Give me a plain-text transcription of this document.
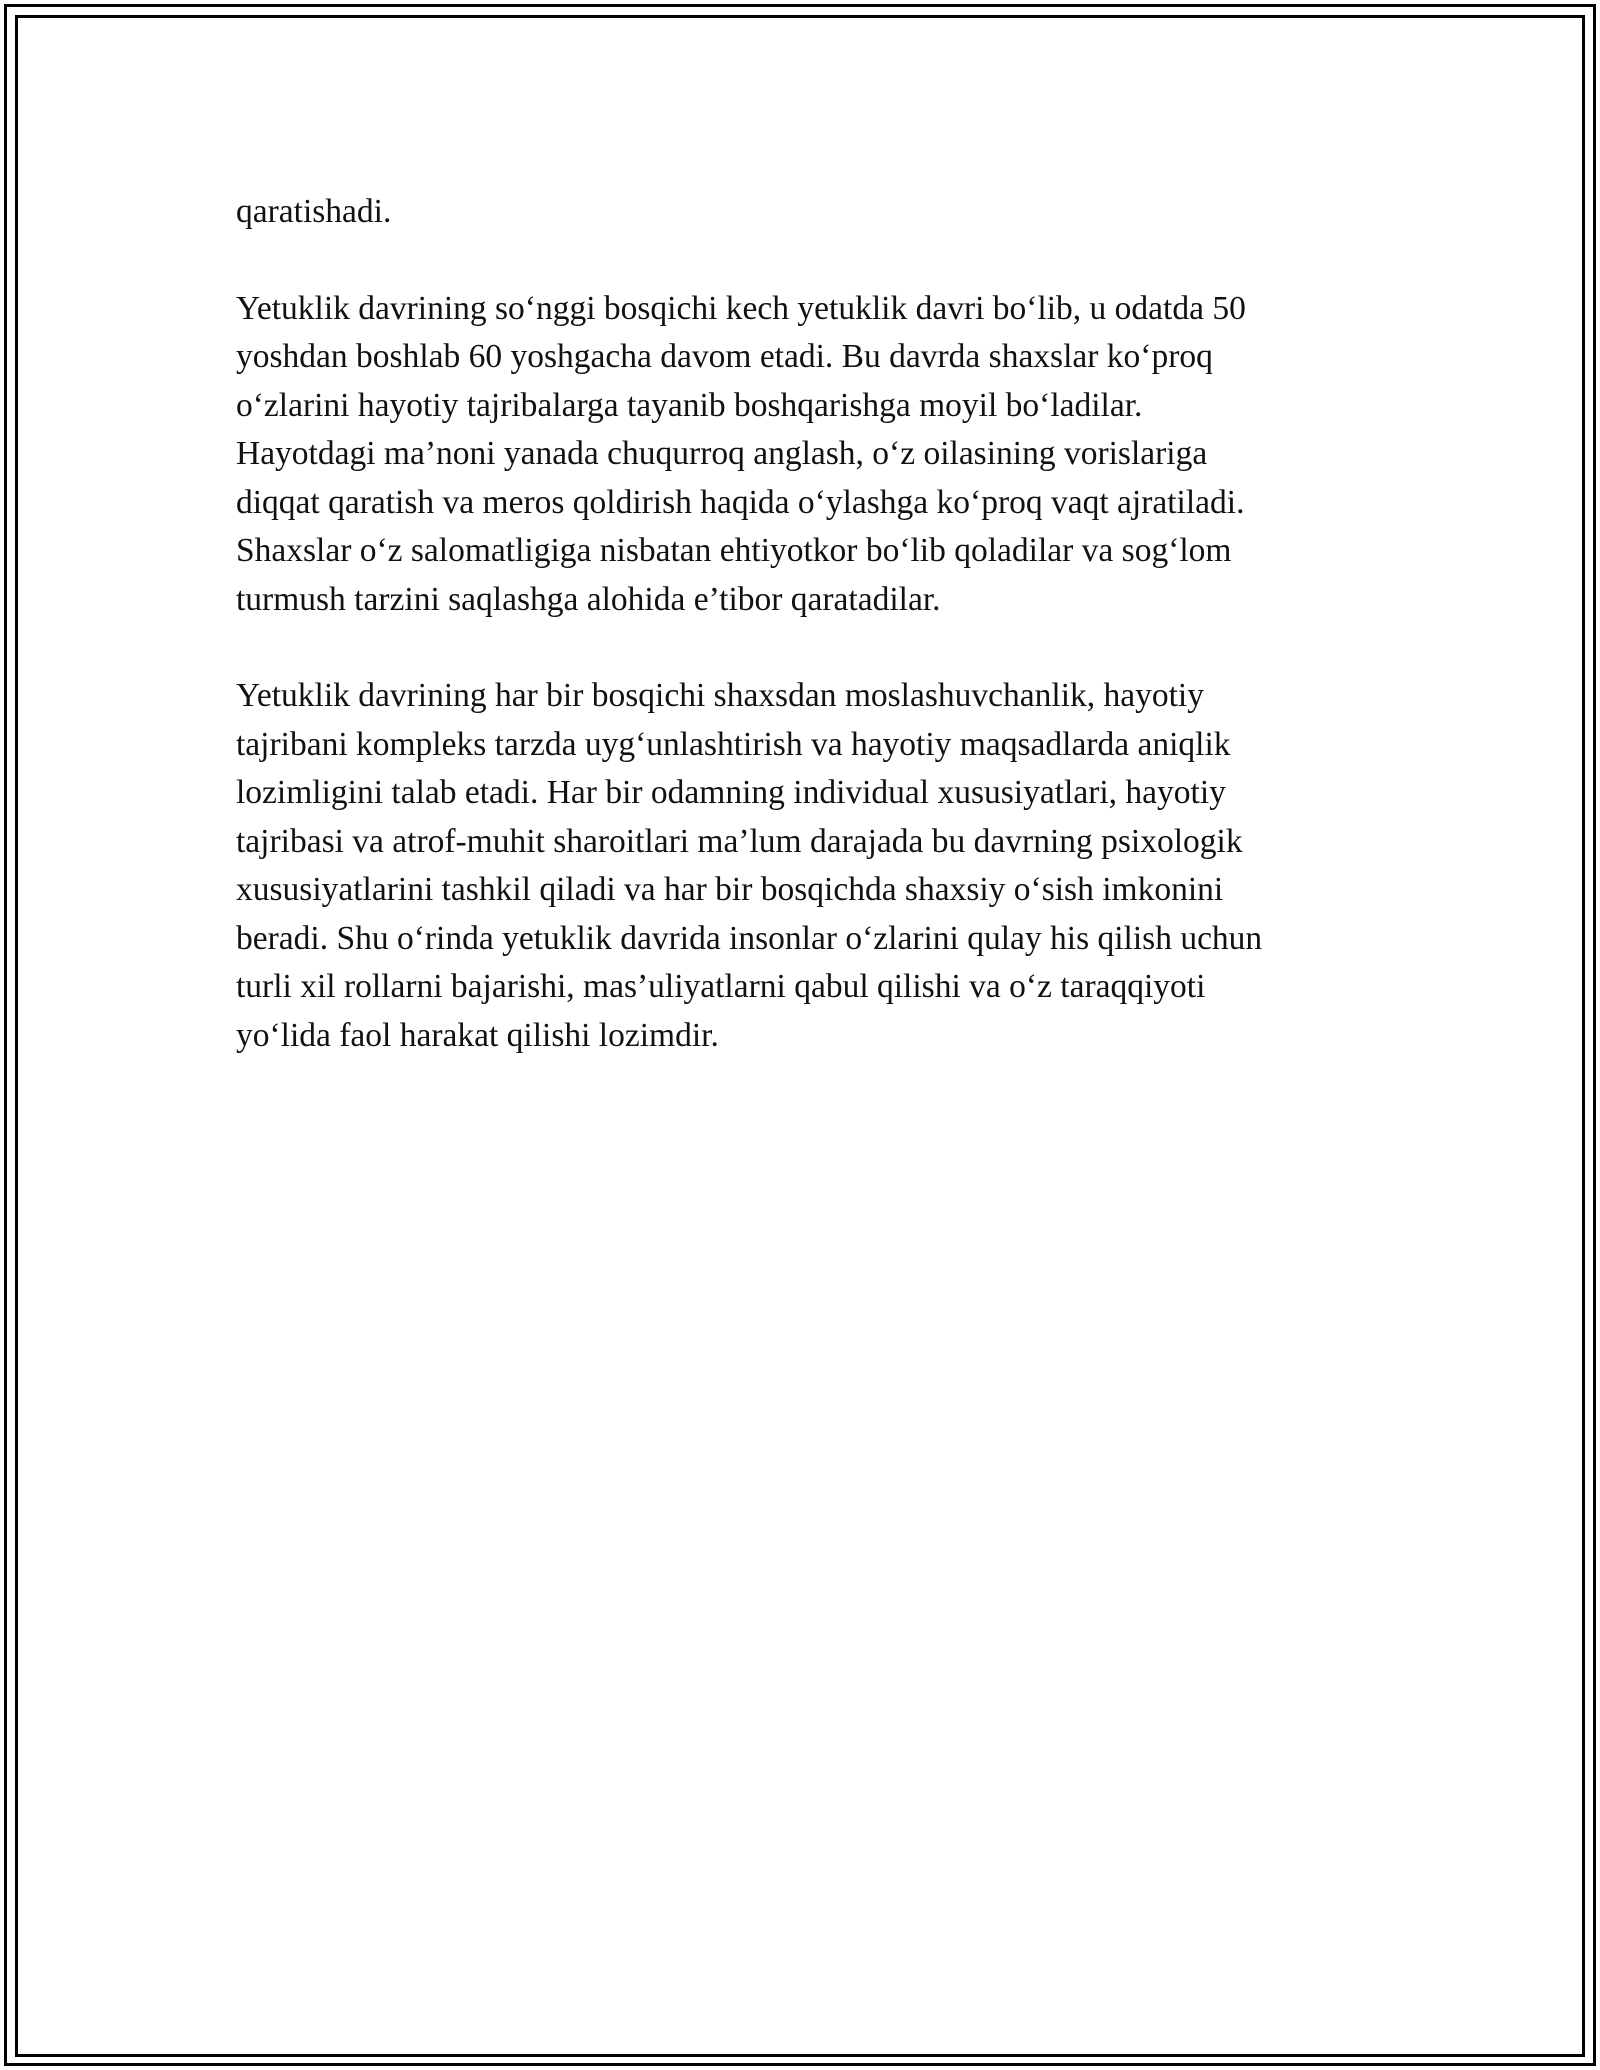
qaratishadi.

Yetuklik davrining so‘nggi bosqichi kech yetuklik davri bo‘lib, u odatda 50
yoshdan boshlab 60 yoshgacha davom etadi. Bu davrda shaxslar ko‘proq
o‘zlarini hayotiy tajribalarga tayanib boshqarishga moyil bo‘ladilar.
Hayotdagi ma’noni yanada chuqurroq anglash, o‘z oilasining vorislariga
diqqat qaratish va meros qoldirish haqida o‘ylashga ko‘proq vaqt ajratiladi.
Shaxslar o‘z salomatligiga nisbatan ehtiyotkor bo‘lib qoladilar va sog‘lom
turmush tarzini saqlashga alohida e’tibor qaratadilar.

Yetuklik davrining har bir bosqichi shaxsdan moslashuvchanlik, hayotiy
tajribani kompleks tarzda uyg‘unlashtirish va hayotiy maqsadlarda aniqlik
lozimligini talab etadi. Har bir odamning individual xususiyatlari, hayotiy
tajribasi va atrof-muhit sharoitlari ma’lum darajada bu davrning psixologik
xususiyatlarini tashkil qiladi va har bir bosqichda shaxsiy o‘sish imkonini
beradi. Shu o‘rinda yetuklik davrida insonlar o‘zlarini qulay his qilish uchun
turli xil rollarni bajarishi, mas’uliyatlarni qabul qilishi va o‘z taraqqiyoti
yo‘lida faol harakat qilishi lozimdir.
